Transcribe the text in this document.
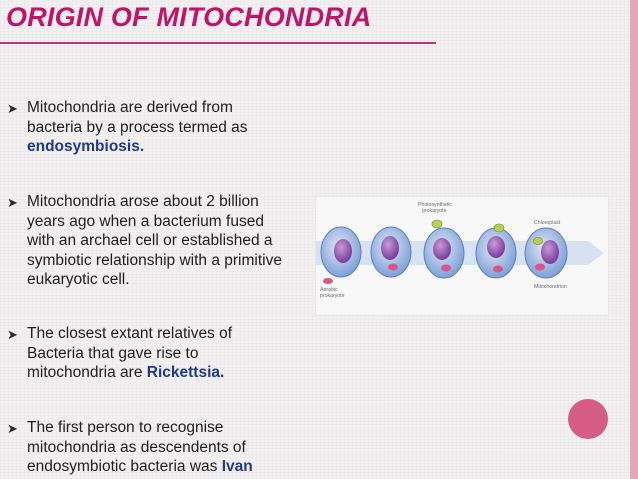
ORIGIN OF MITOCHONDRIA
➤ Mitochondria are derived from
bacteria by a process termed as
endosymbiosis.
➤ Mitochondria arose about 2 billion
years ago when a bacterium fused
with an archael cell or established a
symbiotic relationship with a primitive
eukaryotic cell.
➤ The closest extant relatives of
Bacteria that gave rise to
mitochondria are Rickettsia.
➤ The first person to recognise
mitochondria as descendents of
endosymbiotic bacteria was Ivan
Aerobic prokaryote
Photosynthetic prokaryote
Chloroplast
Mitochondrion
